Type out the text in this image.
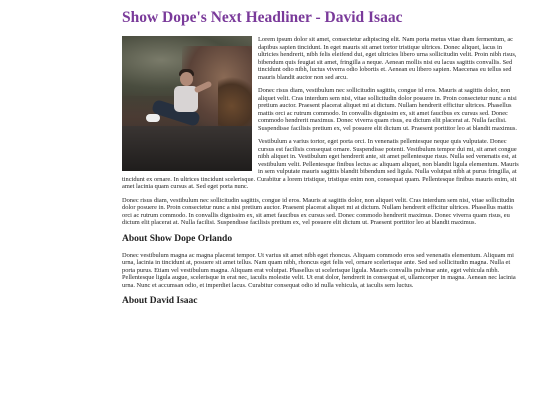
Show Dope's Next Headliner - David Isaac

Lorem ipsum dolor sit amet, consectetur adipiscing elit. Nam porta metus vitae diam fermentum, ac dapibus sapien tincidunt. In eget mauris sit amet tortor tristique ultrices. Donec aliquet, lacus in ultricies hendrerit, nibh felis eleifend dui, eget ultricies libero urna sollicitudin velit. Proin nibh risus, bibendum quis feugiat sit amet, fringilla a neque. Aenean mollis nisi eu lacus sagittis convallis. Sed tincidunt odio nibh, luctus viverra odio lobortis et. Aenean eu libero sapien. Maecenas eu tellus sed mauris blandit auctor non sed arcu.

Donec risus diam, vestibulum nec sollicitudin sagittis, congue id eros. Mauris at sagittis dolor, non aliquet velit. Cras interdum sem nisi, vitae sollicitudin dolor posuere in. Proin consectetur nunc a nisi pretium auctor. Praesent placerat aliquet mi at dictum. Nullam hendrerit efficitur ultrices. Phasellus mattis orci ac rutrum commodo. In convallis dignissim ex, sit amet faucibus ex cursus sed. Donec commodo hendrerit maximus. Donec viverra quam risus, eu dictum elit placerat at. Nulla facilisi. Suspendisse facilisis pretium ex, vel posuere elit dictum ut. Praesent porttitor leo at blandit maximus.

Vestibulum a varius tortor, eget porta orci. In venenatis pellentesque neque quis vulputate. Donec cursus est facilisis consequat ornare. Suspendisse potenti. Vestibulum tempor dui mi, sit amet congue nibh aliquet in. Vestibulum eget hendrerit ante, sit amet pellentesque risus. Nulla sed venenatis est, at vestibulum velit. Pellentesque finibus lectus ac aliquam aliquet, non blandit ligula elementum. Mauris in sem vulputate mauris sagittis blandit bibendum sed ligula. Nulla volutpat nibh at purus fringilla, at tincidunt ex ornare. In ultrices tincidunt scelerisque. Curabitur a lorem tristique, tristique enim non, consequat quam. Pellentesque finibus mauris enim, sit amet lacinia quam cursus at. Sed eget porta nunc.

Donec risus diam, vestibulum nec sollicitudin sagittis, congue id eros. Mauris at sagittis dolor, non aliquet velit. Cras interdum sem nisi, vitae sollicitudin dolor posuere in. Proin consectetur nunc a nisi pretium auctor. Praesent placerat aliquet mi at dictum. Nullam hendrerit efficitur ultrices. Phasellus mattis orci ac rutrum commodo. In convallis dignissim ex, sit amet faucibus ex cursus sed. Donec commodo hendrerit maximus. Donec viverra quam risus, eu dictum elit placerat at. Nulla facilisi. Suspendisse facilisis pretium ex, vel posuere elit dictum ut. Praesent porttitor leo at blandit maximus.

About Show Dope Orlando

Donec vestibulum magna ac magna placerat tempor. Ut varius sit amet nibh eget rhoncus. Aliquam commodo eros sed venenatis elementum. Aliquam mi urna, lacinia in tincidunt at, posuere sit amet tellus. Nam quam nibh, rhoncus eget felis vel, ornare scelerisque ante. Sed sed sollicitudin magna. Nulla et porta purus. Etiam vel vestibulum magna. Aliquam erat volutpat. Phasellus ut scelerisque ligula. Mauris convallis pulvinar ante, eget vehicula nibh. Pellentesque ligula augue, scelerisque in erat nec, iaculis molestie velit. Ut erat dolor, hendrerit in consequat et, ullamcorper in magna. Aenean nec lacinia urna. Nunc et accumsan odio, et imperdiet lacus. Curabitur consequat odio id nulla vehicula, at iaculis sem luctus.

About David Isaac
